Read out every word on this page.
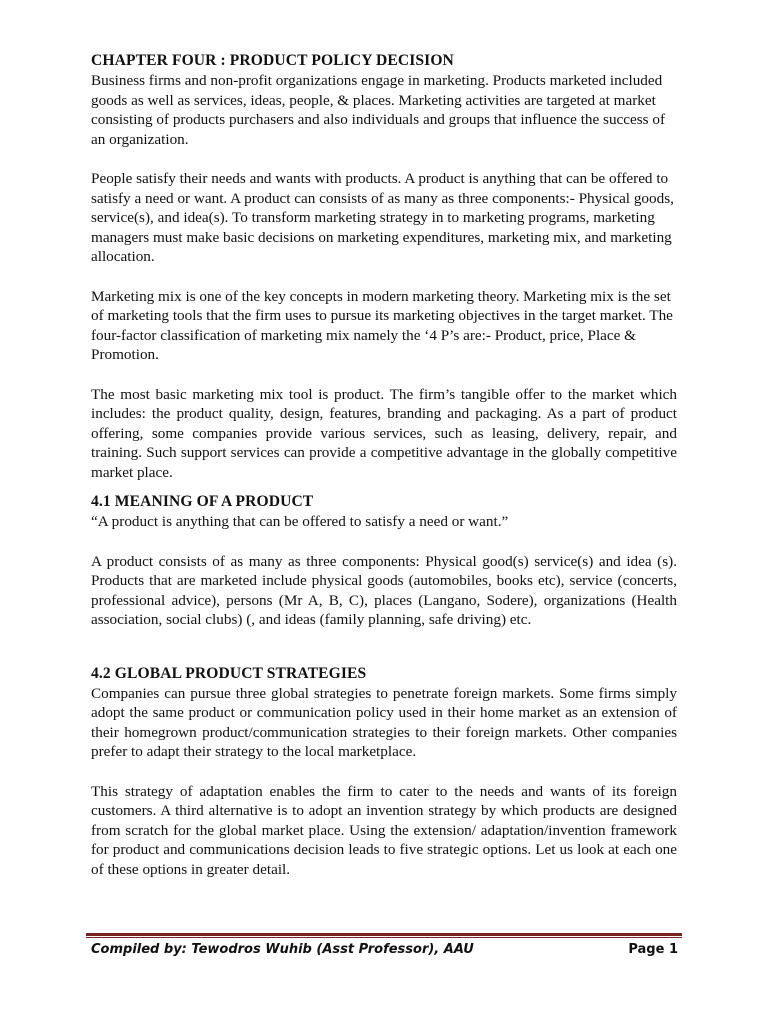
CHAPTER FOUR : PRODUCT POLICY DECISION

Business firms and non-profit organizations engage in marketing. Products marketed included goods as well as services, ideas, people, & places. Marketing activities are targeted at market consisting of products purchasers and also individuals and groups that influence the success of an organization.

People satisfy their needs and wants with products. A product is anything that can be offered to satisfy a need or want. A product can consists of as many as three components:- Physical goods, service(s), and idea(s). To transform marketing strategy in to marketing programs, marketing managers must make basic decisions on marketing expenditures, marketing mix, and marketing allocation.

Marketing mix is one of the key concepts in modern marketing theory. Marketing mix is the set of marketing tools that the firm uses to pursue its marketing objectives in the target market. The four-factor classification of marketing mix namely the ‘4 P’s are:- Product, price, Place & Promotion.

The most basic marketing mix tool is product. The firm’s tangible offer to the market which includes: the product quality, design, features, branding and packaging. As a part of product offering, some companies provide various services, such as leasing, delivery, repair, and training. Such support services can provide a competitive advantage in the globally competitive market place.

4.1 MEANING OF A PRODUCT

“A product is anything that can be offered to satisfy a need or want.”

A product consists of as many as three components: Physical good(s) service(s) and idea (s). Products that are marketed include physical goods (automobiles, books etc), service (concerts, professional advice), persons (Mr A, B, C), places (Langano, Sodere), organizations (Health association, social clubs) (, and ideas (family planning, safe driving) etc.

4.2 GLOBAL PRODUCT STRATEGIES

Companies can pursue three global strategies to penetrate foreign markets. Some firms simply adopt the same product or communication policy used in their home market as an extension of their homegrown product/communication strategies to their foreign markets. Other companies prefer to adapt their strategy to the local marketplace.

This strategy of adaptation enables the firm to cater to the needs and wants of its foreign customers. A third alternative is to adopt an invention strategy by which products are designed from scratch for the global market place. Using the extension/ adaptation/invention framework for product and communications decision leads to five strategic options. Let us look at each one of these options in greater detail.

Compiled by: Tewodros Wuhib (Asst Professor), AAU	Page 1
